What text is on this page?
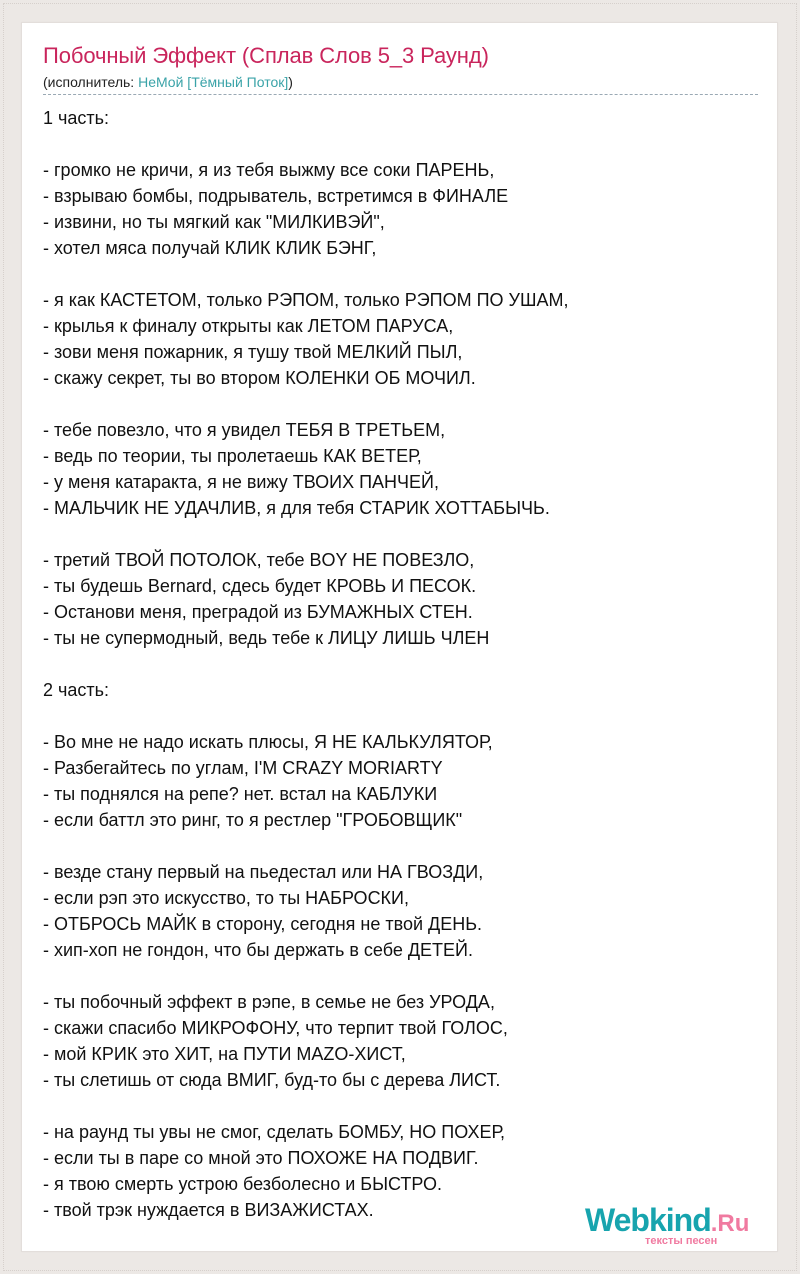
Побочный Эффект (Сплав Слов 5_3 Раунд)
(исполнитель: НеМой [Тёмный Поток])
1 часть:
- громко не кричи, я из тебя выжму все соки ПАРЕНЬ,
- взрываю бомбы, подрыватель, встретимся в ФИНАЛЕ
- извини, но ты мягкий как "МИЛКИВЭЙ",
- хотел мяса получай КЛИК КЛИК БЭНГ,
- я как КАСТЕТОМ, только РЭПОМ, только РЭПОМ ПО УШАМ,
- крылья к финалу открыты как ЛЕТОМ ПАРУСА,
- зови меня пожарник, я тушу твой МЕЛКИЙ ПЫЛ,
- скажу секрет, ты во втором КОЛЕНКИ ОБ МОЧИЛ.
- тебе повезло, что я увидел ТЕБЯ В ТРЕТЬЕМ,
- ведь по теории, ты пролетаешь КАК ВЕТЕР,
- у меня катаракта, я не вижу ТВОИХ ПАНЧЕЙ,
- МАЛЬЧИК НЕ УДАЧЛИВ, я для тебя СТАРИК ХОТТАБЫЧЬ.
- третий ТВОЙ ПОТОЛОК, тебе BOY НЕ ПОВЕЗЛО,
- ты будешь Bernard, сдесь будет КРОВЬ И ПЕСОК.
- Останови меня, преградой из БУМАЖНЫХ СТЕН.
- ты не супермодный, ведь тебе к ЛИЦУ ЛИШЬ ЧЛЕН
2 часть:
- Во мне не надо искать плюсы, Я НЕ КАЛЬКУЛЯТОР,
- Разбегайтесь по углам, I'M CRAZY MORIARTY
- ты поднялся на репе? нет. встал на КАБЛУКИ
- если баттл это ринг, то я рестлер "ГРОБОВЩИК"
- везде стану первый на пьедестал или НА ГВОЗДИ,
- если рэп это искусство, то ты НАБРОСКИ,
- ОТБРОСЬ МАЙК в сторону, сегодня не твой ДЕНЬ.
- хип-хоп не гондон, что бы держать в себе ДЕТЕЙ.
- ты побочный эффект в рэпе, в семье не без УРОДА,
- скажи спасибо МИКРОФОНУ, что терпит твой ГОЛОС,
- мой КРИК это ХИТ, на ПУТИ МАZО-ХИСТ,
- ты слетишь от сюда ВМИГ, буд-то бы с дерева ЛИСТ.
- на раунд ты увы не смог, сделать БОМБУ, НО ПОХЕР,
- если ты в паре со мной это ПОХОЖЕ НА ПОДВИГ.
- я твою смерть устрою безболесно и БЫСТРО.
- твой трэк нуждается в ВИЗАЖИСТАХ.	Webkind.Ru
тексты песен
